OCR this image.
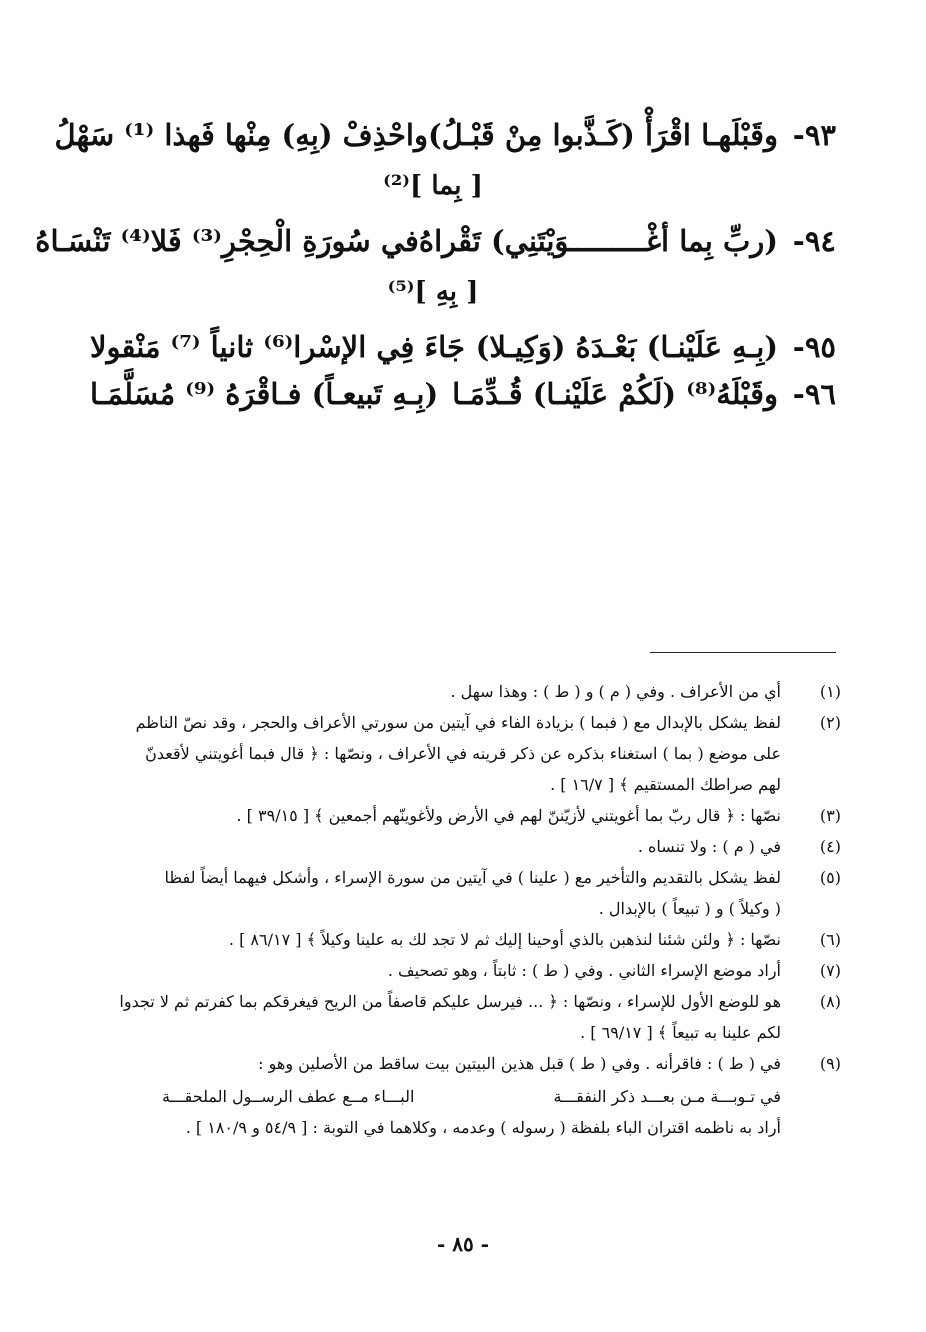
٩٣-
وقَبْلَهـا اقْرَأْ (كَـذَّبوا مِنْ قَبْـلُ)
واحْذِفْ (بِهِ) مِنْها فَهذا ⁽¹⁾ سَهْلُ
[ بِما ]⁽²⁾
٩٤-
(ربِّ بِما أغْـــــــــوَيْتَنِي) تَقْراهُ
في سُورَةِ الْحِجْرِ⁽³⁾ فَلا⁽⁴⁾ تَنْسَـاهُ
[ بِهِ ]⁽⁵⁾
٩٥-
(بِـهِ عَلَيْنـا) بَعْـدَهُ (وَكِيـلا)
جَاءَ فِي الإسْرا⁽⁶⁾ ثانياً ⁽⁷⁾ مَنْقولا
٩٦-
وقَبْلَهُ⁽⁸⁾ (لَكُمْ عَلَيْنـا) قُـدِّمَـا
(بِـهِ تَبيعـاً) فـاقْرَهُ ⁽⁹⁾ مُسَلَّمَـا
(١)
أي من الأعراف . وفي ( م ) و ( ط ) : وهذا سهل .
(٢)
لفظ يشكل بالإبدال مع ( فبما ) بزيادة الفاء في آيتين من سورتي الأعراف والحجر ، وقد نصّ الناظم
على موضع ( بما ) استغناء بذكره عن ذكر قرينه في الأعراف ، ونصّها : ﴿ قال فبما أغويتني لأقعدنّ
لهم صراطك المستقيم ﴾ [ ١٦/٧ ] .
(٣)
نصّها : ﴿ قال ربّ بما أغويتني لأزيّننّ لهم في الأرض ولأغوينّهم أجمعين ﴾ [ ٣٩/١٥ ] .
(٤)
في ( م ) : ولا تنساه .
(٥)
لفظ يشكل بالتقديم والتأخير مع ( علينا ) في آيتين من سورة الإسراء ، وأشكل فيهما أيضاً لفظا
( وكيلاً ) و ( تبيعاً ) بالإبدال .
(٦)
نصّها : ﴿ ولئن شئنا لنذهبن بالذي أوحينا إليك ثم لا تجد لك به علينا وكيلاً ﴾ [ ٨٦/١٧ ] .
(٧)
أراد موضع الإسراء الثاني . وفي ( ط ) : ثابتاً ، وهو تصحيف .
(٨)
هو للوضع الأول للإسراء ، ونصّها : ﴿ ... فيرسل عليكم قاصفاً من الريح فيغرقكم بما كفرتم ثم لا تجدوا
لكم علينا به تبيعاً ﴾ [ ٦٩/١٧ ] .
(٩)
في ( ط ) : فاقرأنه . وفي ( ط ) قبل هذين البيتين بيت ساقط من الأصلين وهو :
في تـوبـــة مـن بعـــد ذكر النفقـــة
البـــاء مــع عطف الرســول الملحقـــة
أراد به ناظمه اقتران الباء بلفظة ( رسوله ) وعدمه ، وكلاهما في التوبة : [ ٥٤/٩ و ١٨٠/٩ ] .
- ٨٥ -
